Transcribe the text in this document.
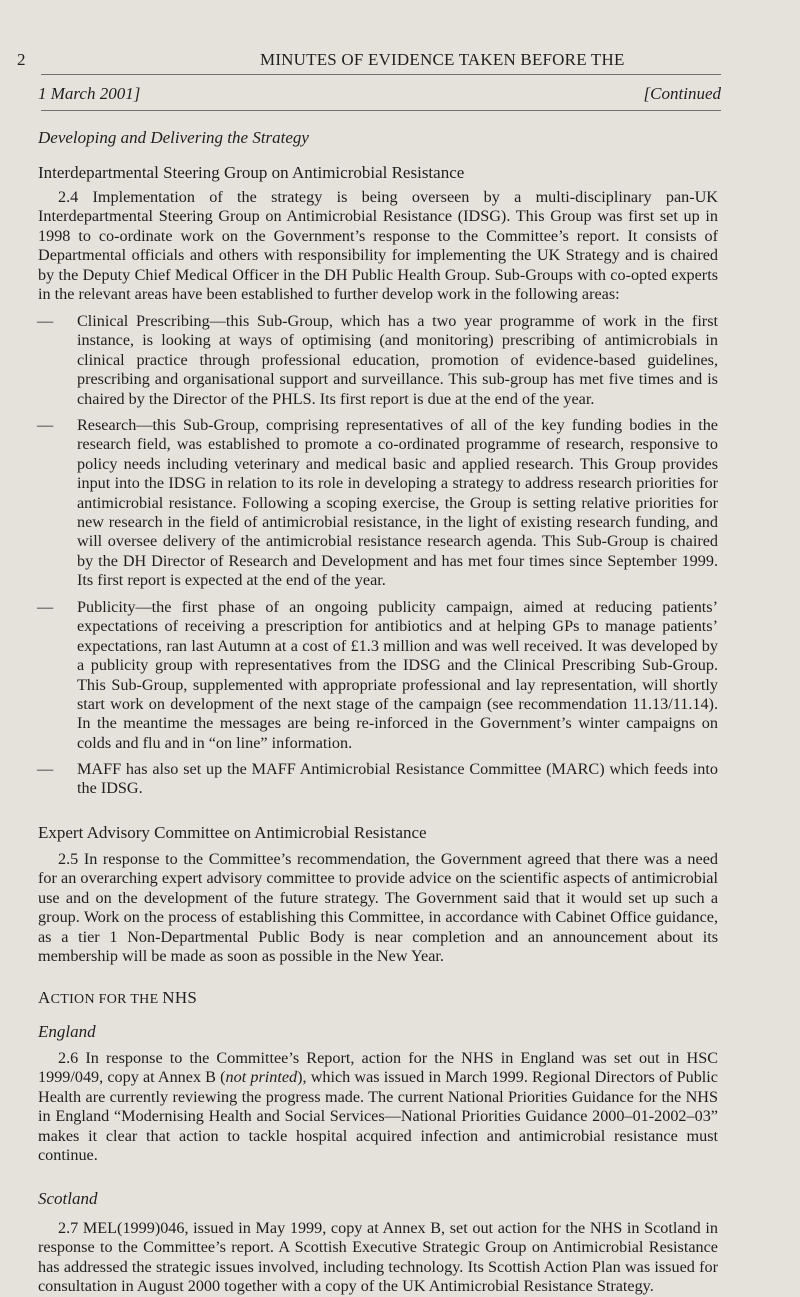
2	MINUTES OF EVIDENCE TAKEN BEFORE THE
1 March 2001]	[Continued
Developing and Delivering the Strategy
Interdepartmental Steering Group on Antimicrobial Resistance

2.4 Implementation of the strategy is being overseen by a multi-disciplinary pan-UK Interdepartmental Steering Group on Antimicrobial Resistance (IDSG). This Group was first set up in 1998 to co-ordinate work on the Government’s response to the Committee’s report. It consists of Departmental officials and others with responsibility for implementing the UK Strategy and is chaired by the Deputy Chief Medical Officer in the DH Public Health Group. Sub-Groups with co-opted experts in the relevant areas have been established to further develop work in the following areas:

—	Clinical Prescribing—this Sub-Group, which has a two year programme of work in the first instance, is looking at ways of optimising (and monitoring) prescribing of antimicrobials in clinical practice through professional education, promotion of evidence-based guidelines, prescribing and organisational support and surveillance. This sub-group has met five times and is chaired by the Director of the PHLS. Its first report is due at the end of the year.
—	Research—this Sub-Group, comprising representatives of all of the key funding bodies in the research field, was established to promote a co-ordinated programme of research, responsive to policy needs including veterinary and medical basic and applied research. This Group provides input into the IDSG in relation to its role in developing a strategy to address research priorities for antimicrobial resistance. Following a scoping exercise, the Group is setting relative priorities for new research in the field of antimicrobial resistance, in the light of existing research funding, and will oversee delivery of the antimicrobial resistance research agenda. This Sub-Group is chaired by the DH Director of Research and Development and has met four times since September 1999. Its first report is expected at the end of the year.
—	Publicity—the first phase of an ongoing publicity campaign, aimed at reducing patients’ expectations of receiving a prescription for antibiotics and at helping GPs to manage patients’ expectations, ran last Autumn at a cost of £1.3 million and was well received. It was developed by a publicity group with representatives from the IDSG and the Clinical Prescribing Sub-Group. This Sub-Group, supplemented with appropriate professional and lay representation, will shortly start work on development of the next stage of the campaign (see recommendation 11.13/11.14). In the meantime the messages are being re-inforced in the Government’s winter campaigns on colds and flu and in “on line” information.
—	MAFF has also set up the MAFF Antimicrobial Resistance Committee (MARC) which feeds into the IDSG.
Expert Advisory Committee on Antimicrobial Resistance

2.5 In response to the Committee’s recommendation, the Government agreed that there was a need for an overarching expert advisory committee to provide advice on the scientific aspects of antimicrobial use and on the development of the future strategy. The Government said that it would set up such a group. Work on the process of establishing this Committee, in accordance with Cabinet Office guidance, as a tier 1 Non-Departmental Public Body is near completion and an announcement about its membership will be made as soon as possible in the New Year.

ACTION FOR THE NHS
England

2.6 In response to the Committee’s Report, action for the NHS in England was set out in HSC 1999/049, copy at Annex B (not printed), which was issued in March 1999. Regional Directors of Public Health are currently reviewing the progress made. The current National Priorities Guidance for the NHS in England “Modernising Health and Social Services—National Priorities Guidance 2000–01-2002–03” makes it clear that action to tackle hospital acquired infection and antimicrobial resistance must continue.

Scotland

2.7 MEL(1999)046, issued in May 1999, copy at Annex B, set out action for the NHS in Scotland in response to the Committee’s report. A Scottish Executive Strategic Group on Antimicrobial Resistance has addressed the strategic issues involved, including technology. Its Scottish Action Plan was issued for consultation in August 2000 together with a copy of the UK Antimicrobial Resistance Strategy.
